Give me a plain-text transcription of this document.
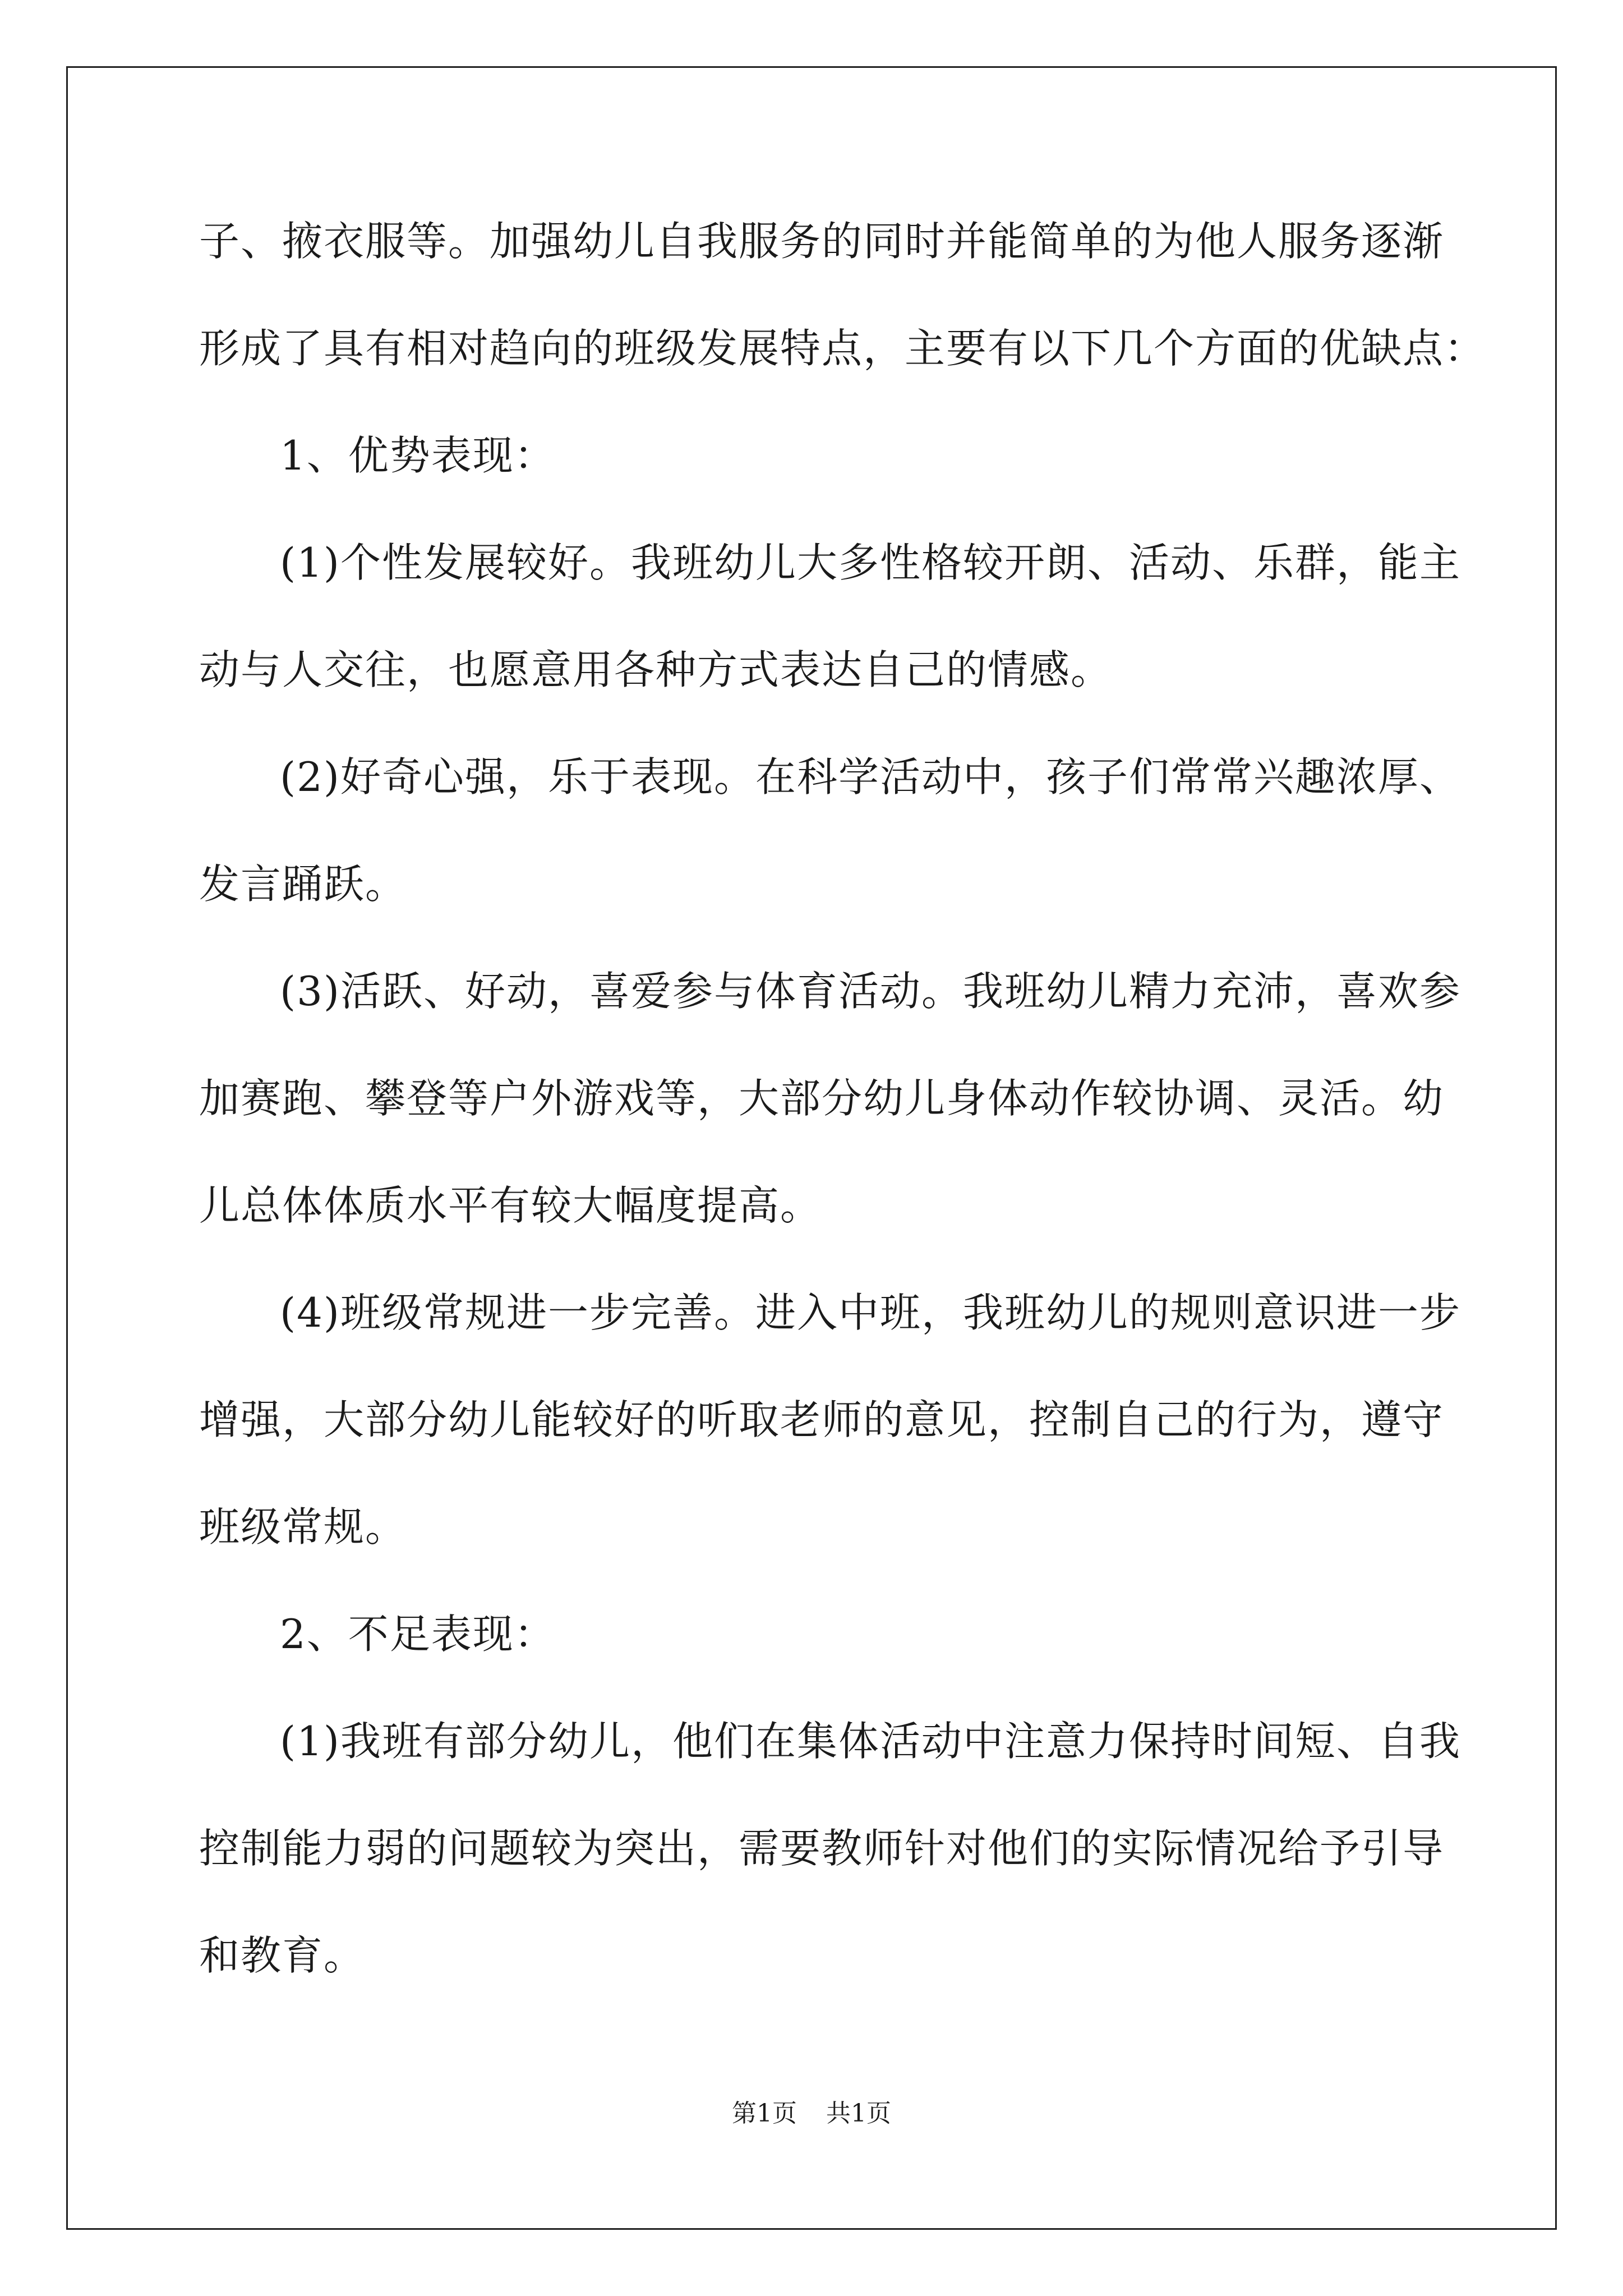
子、掖衣服等。加强幼儿自我服务的同时并能简单的为他人服务逐渐
形成了具有相对趋向的班级发展特点，主要有以下几个方面的优缺点：
1、优势表现：
(1)个性发展较好。我班幼儿大多性格较开朗、活动、乐群，能主
动与人交往，也愿意用各种方式表达自己的情感。
(2)好奇心强，乐于表现。在科学活动中，孩子们常常兴趣浓厚、
发言踊跃。
(3)活跃、好动，喜爱参与体育活动。我班幼儿精力充沛，喜欢参
加赛跑、攀登等户外游戏等，大部分幼儿身体动作较协调、灵活。幼
儿总体体质水平有较大幅度提高。
(4)班级常规进一步完善。进入中班，我班幼儿的规则意识进一步
增强，大部分幼儿能较好的听取老师的意见，控制自己的行为，遵守
班级常规。
2、不足表现：
(1)我班有部分幼儿，他们在集体活动中注意力保持时间短、自我
控制能力弱的问题较为突出，需要教师针对他们的实际情况给予引导
和教育。
第1页 共1页
